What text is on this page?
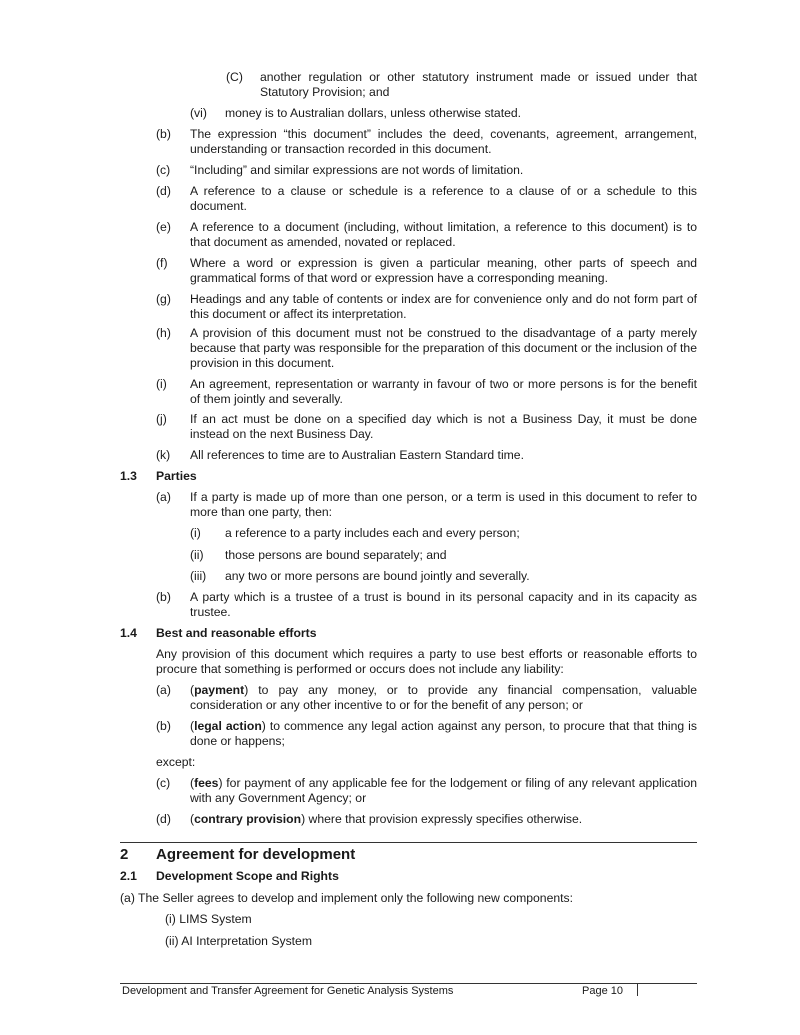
(C) another regulation or other statutory instrument made or issued under that Statutory Provision; and
(vi) money is to Australian dollars, unless otherwise stated.
(b) The expression “this document” includes the deed, covenants, agreement, arrangement, understanding or transaction recorded in this document.
(c) “Including” and similar expressions are not words of limitation.
(d) A reference to a clause or schedule is a reference to a clause of or a schedule to this document.
(e) A reference to a document (including, without limitation, a reference to this document) is to that document as amended, novated or replaced.
(f) Where a word or expression is given a particular meaning, other parts of speech and grammatical forms of that word or expression have a corresponding meaning.
(g) Headings and any table of contents or index are for convenience only and do not form part of this document or affect its interpretation.
(h) A provision of this document must not be construed to the disadvantage of a party merely because that party was responsible for the preparation of this document or the inclusion of the provision in this document.
(i) An agreement, representation or warranty in favour of two or more persons is for the benefit of them jointly and severally.
(j) If an act must be done on a specified day which is not a Business Day, it must be done instead on the next Business Day.
(k) All references to time are to Australian Eastern Standard time.
1.3 Parties
(a) If a party is made up of more than one person, or a term is used in this document to refer to more than one party, then:
(i) a reference to a party includes each and every person;
(ii) those persons are bound separately; and
(iii) any two or more persons are bound jointly and severally.
(b) A party which is a trustee of a trust is bound in its personal capacity and in its capacity as trustee.
1.4 Best and reasonable efforts
Any provision of this document which requires a party to use best efforts or reasonable efforts to procure that something is performed or occurs does not include any liability:
(a) (payment) to pay any money, or to provide any financial compensation, valuable consideration or any other incentive to or for the benefit of any person; or
(b) (legal action) to commence any legal action against any person, to procure that that thing is done or happens;
except:
(c) (fees) for payment of any applicable fee for the lodgement or filing of any relevant application with any Government Agency; or
(d) (contrary provision) where that provision expressly specifies otherwise.
2 Agreement for development
2.1 Development Scope and Rights
(a) The Seller agrees to develop and implement only the following new components:
(i) LIMS System
(ii) AI Interpretation System
Development and Transfer Agreement for Genetic Analysis Systems	Page 10
